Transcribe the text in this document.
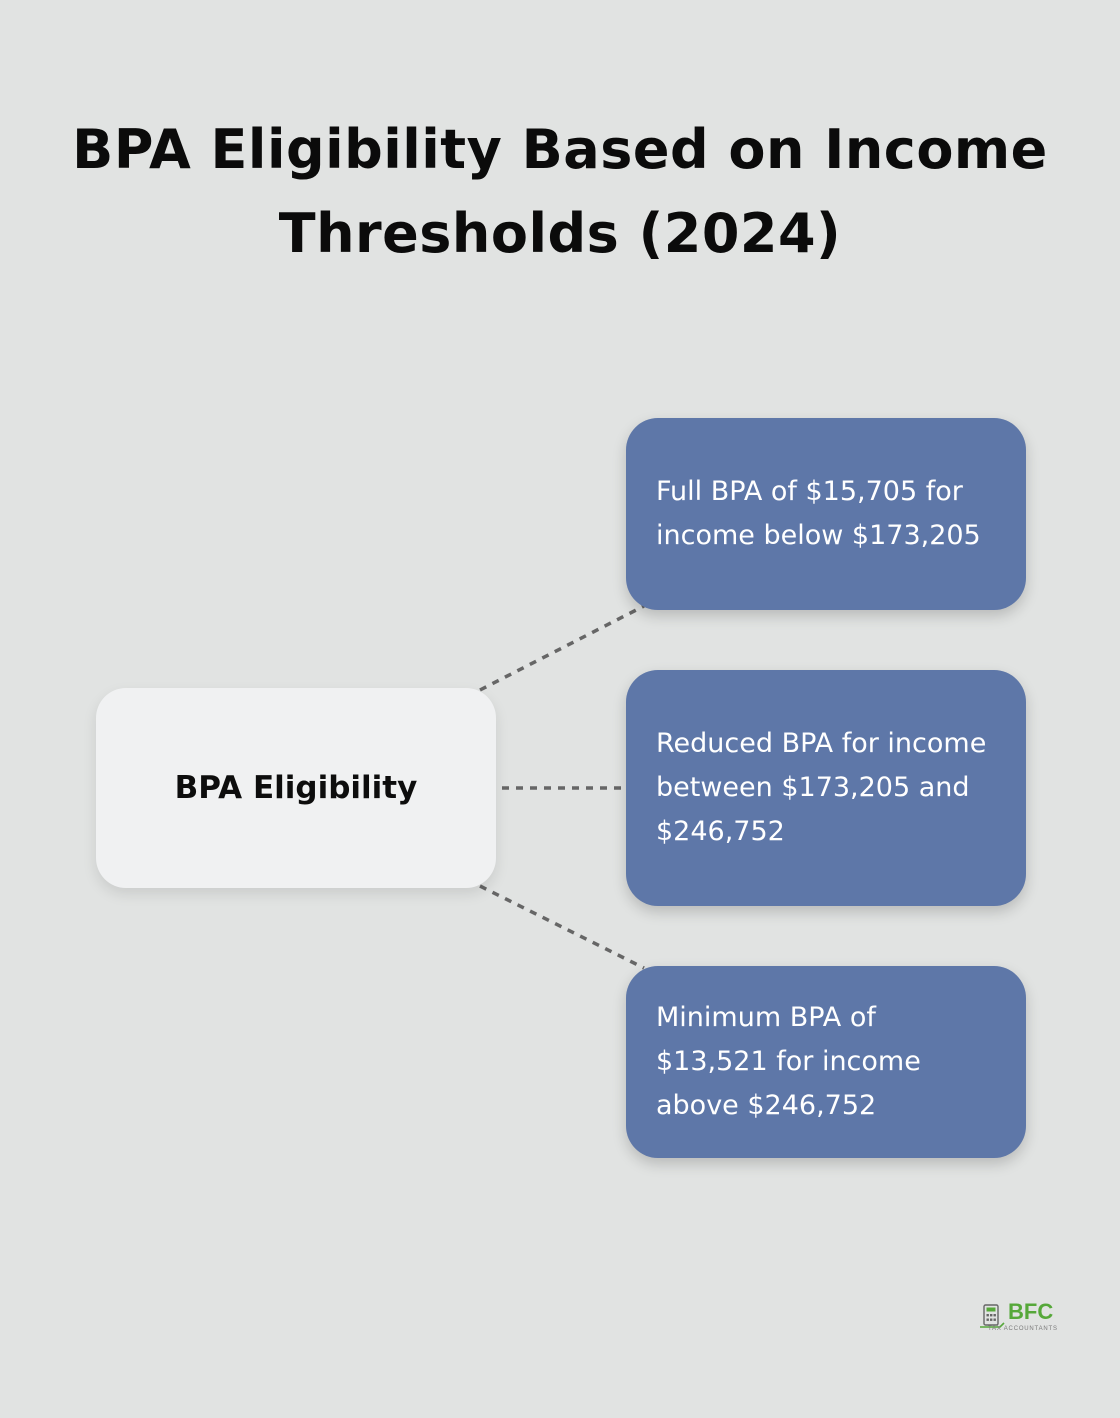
BPA Eligibility Based on Income Thresholds (2024)
BPA Eligibility
Full BPA of $15,705 for income below $173,205
Reduced BPA for income between $173,205 and $246,752
Minimum BPA of $13,521 for income above $246,752
BFC
TAX ACCOUNTANTS
